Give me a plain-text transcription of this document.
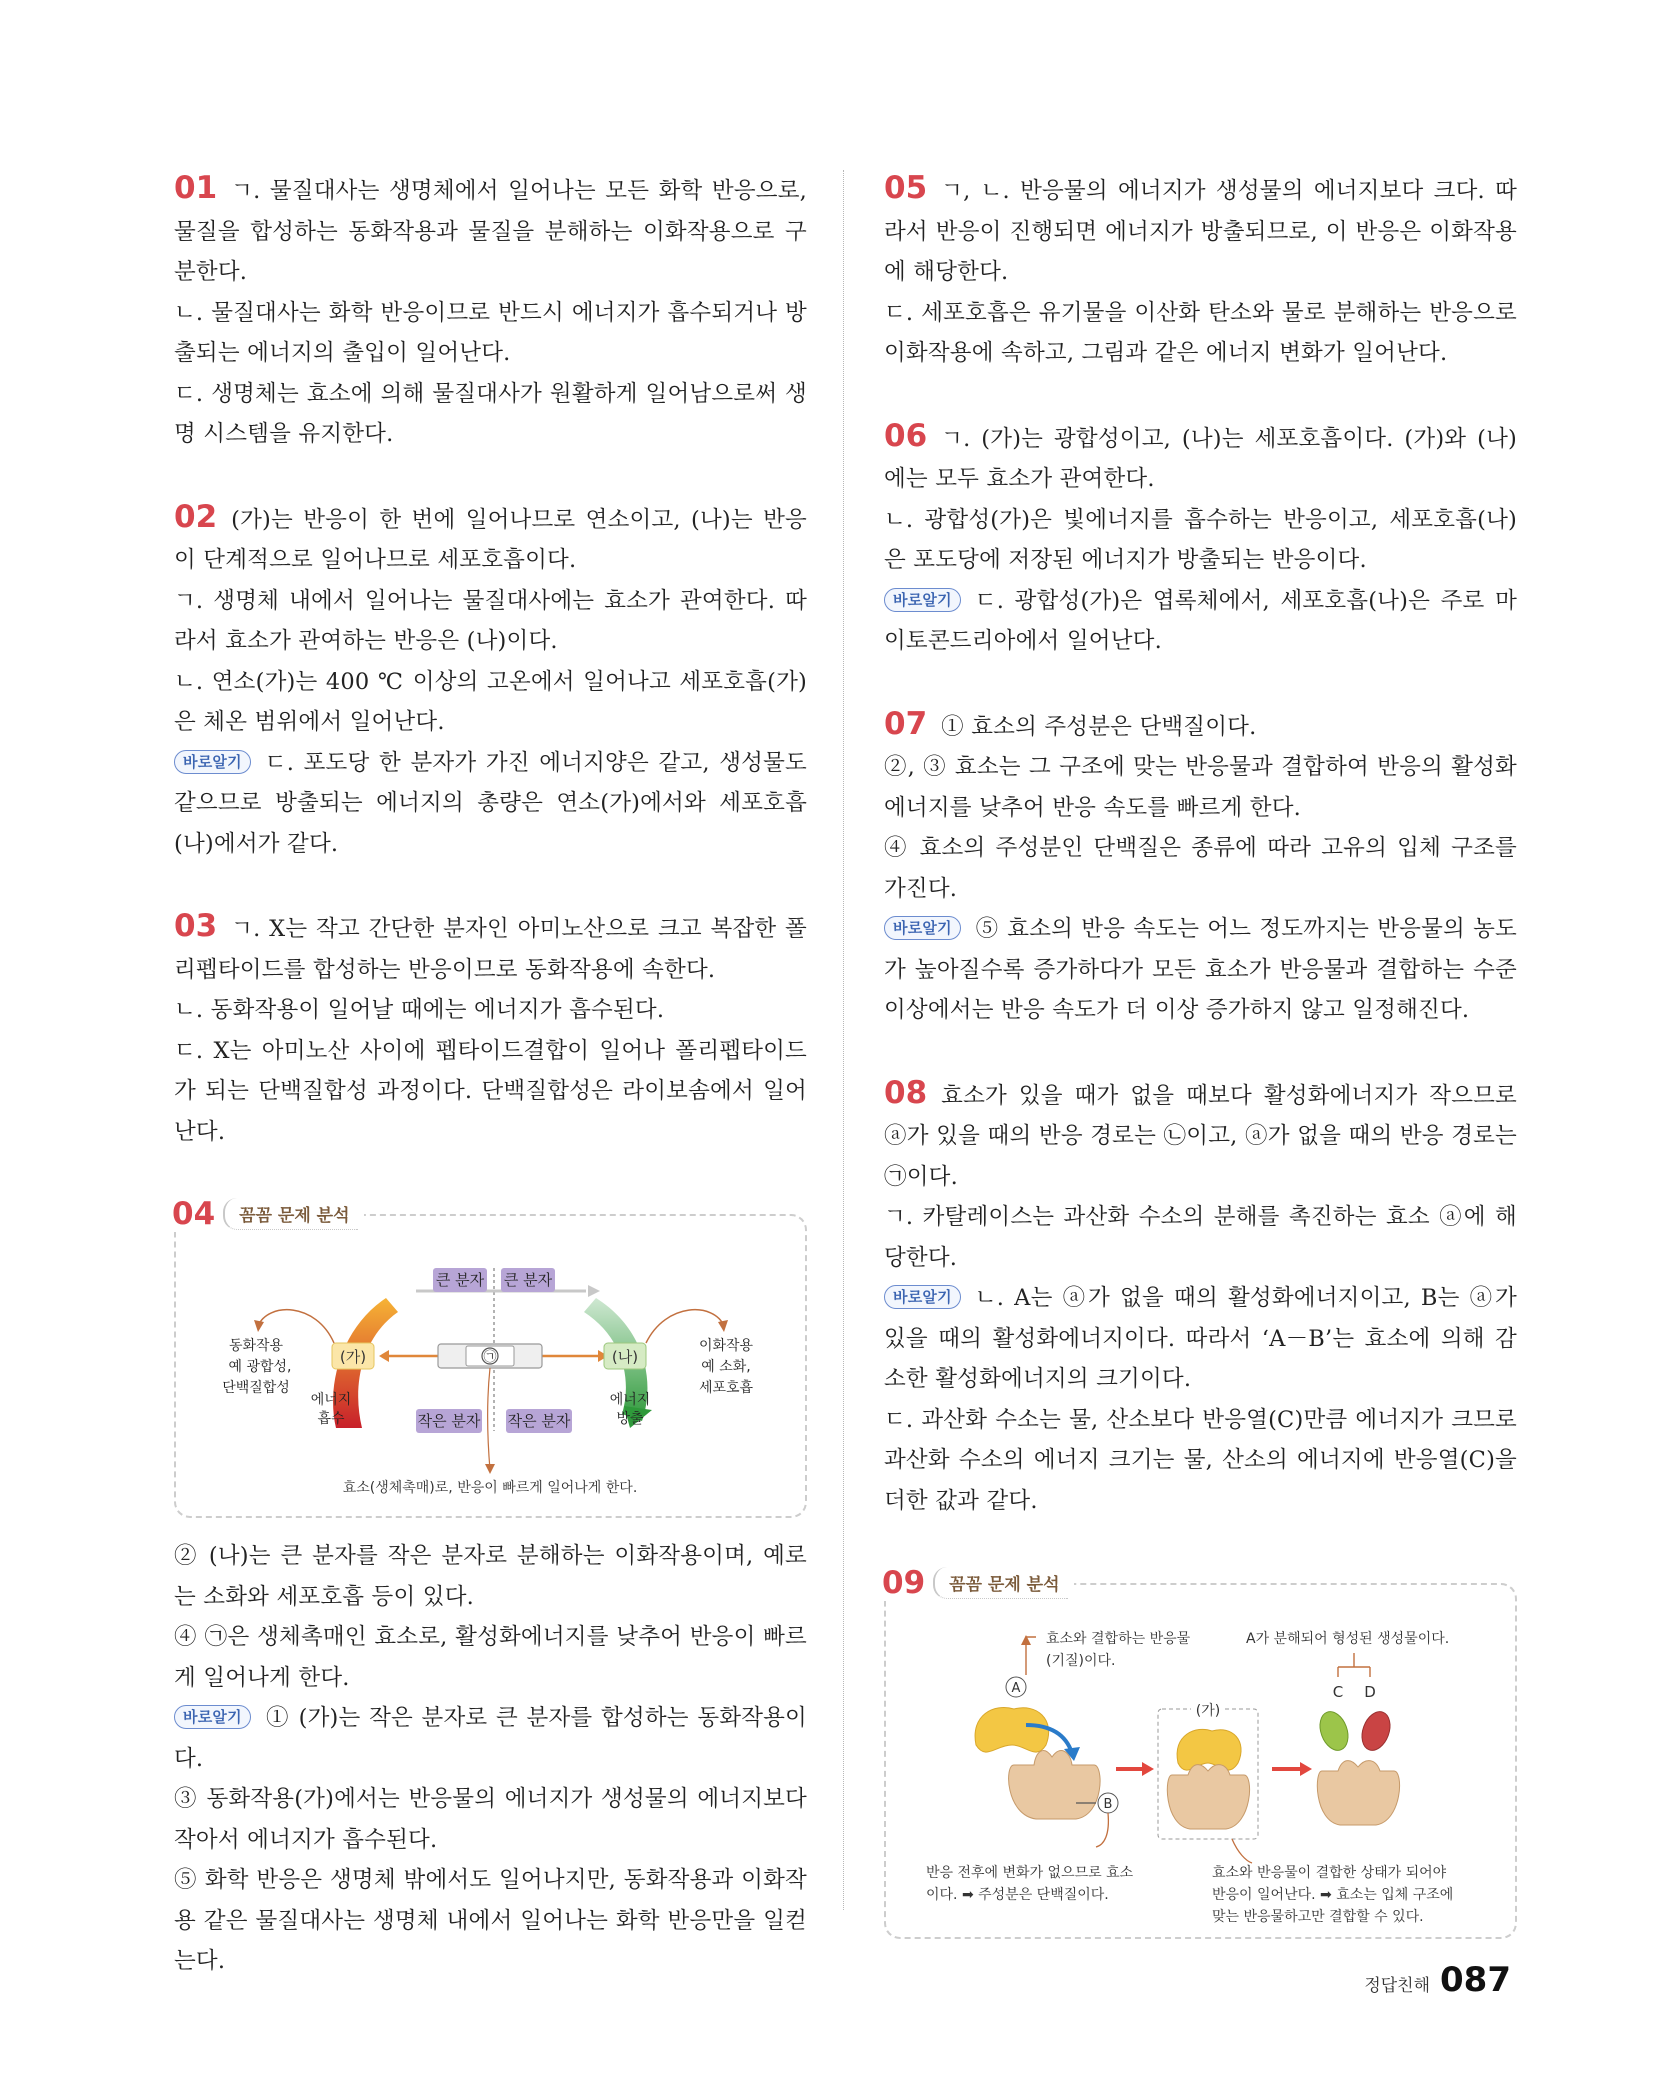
01 ㄱ. 물질대사는 생명체에서 일어나는 모든 화학 반응으로, 물질을 합성하는 동화작용과 물질을 분해하는 이화작용으로 구분한다.

ㄴ. 물질대사는 화학 반응이므로 반드시 에너지가 흡수되거나 방출되는 에너지의 출입이 일어난다.

ㄷ. 생명체는 효소에 의해 물질대사가 원활하게 일어남으로써 생명 시스템을 유지한다.

02 (가)는 반응이 한 번에 일어나므로 연소이고, (나)는 반응이 단계적으로 일어나므로 세포호흡이다.

ㄱ. 생명체 내에서 일어나는 물질대사에는 효소가 관여한다. 따라서 효소가 관여하는 반응은 (나)이다.

ㄴ. 연소(가)는 400 ℃ 이상의 고온에서 일어나고 세포호흡(가)은 체온 범위에서 일어난다.

바로알기 ㄷ. 포도당 한 분자가 가진 에너지양은 같고, 생성물도 같으므로 방출되는 에너지의 총량은 연소(가)에서와 세포호흡(나)에서가 같다.

03 ㄱ. X는 작고 간단한 분자인 아미노산으로 크고 복잡한 폴리펩타이드를 합성하는 반응이므로 동화작용에 속한다.

ㄴ. 동화작용이 일어날 때에는 에너지가 흡수된다.

ㄷ. X는 아미노산 사이에 펩타이드결합이 일어나 폴리펩타이드가 되는 단백질합성 과정이다. 단백질합성은 라이보솜에서 일어난다.

04	꼼꼼 문제 분석
큰 분자 큰 분자
작은 분자 작은 분자
㉠
(가)	(나)
동화작용
예 광합성,
단백질합성
에너지
흡수
이화작용
예 소화,
세포호흡
에너지
방출
효소(생체촉매)로, 반응이 빠르게 일어나게 한다.

② (나)는 큰 분자를 작은 분자로 분해하는 이화작용이며, 예로는 소화와 세포호흡 등이 있다.

④ ㉠은 생체촉매인 효소로, 활성화에너지를 낮추어 반응이 빠르게 일어나게 한다.

바로알기 ① (가)는 작은 분자로 큰 분자를 합성하는 동화작용이다.

③ 동화작용(가)에서는 반응물의 에너지가 생성물의 에너지보다 작아서 에너지가 흡수된다.

⑤ 화학 반응은 생명체 밖에서도 일어나지만, 동화작용과 이화작용 같은 물질대사는 생명체 내에서 일어나는 화학 반응만을 일컫는다.

05 ㄱ, ㄴ. 반응물의 에너지가 생성물의 에너지보다 크다. 따라서 반응이 진행되면 에너지가 방출되므로, 이 반응은 이화작용에 해당한다.

ㄷ. 세포호흡은 유기물을 이산화 탄소와 물로 분해하는 반응으로 이화작용에 속하고, 그림과 같은 에너지 변화가 일어난다.

06 ㄱ. (가)는 광합성이고, (나)는 세포호흡이다. (가)와 (나)에는 모두 효소가 관여한다.

ㄴ. 광합성(가)은 빛에너지를 흡수하는 반응이고, 세포호흡(나)은 포도당에 저장된 에너지가 방출되는 반응이다.

바로알기 ㄷ. 광합성(가)은 엽록체에서, 세포호흡(나)은 주로 마이토콘드리아에서 일어난다.

07 ① 효소의 주성분은 단백질이다.

②, ③ 효소는 그 구조에 맞는 반응물과 결합하여 반응의 활성화에너지를 낮추어 반응 속도를 빠르게 한다.

④ 효소의 주성분인 단백질은 종류에 따라 고유의 입체 구조를 가진다.

바로알기 ⑤ 효소의 반응 속도는 어느 정도까지는 반응물의 농도가 높아질수록 증가하다가 모든 효소가 반응물과 결합하는 수준 이상에서는 반응 속도가 더 이상 증가하지 않고 일정해진다.

08 효소가 있을 때가 없을 때보다 활성화에너지가 작으므로 ⓐ가 있을 때의 반응 경로는 ㉡이고, ⓐ가 없을 때의 반응 경로는 ㉠이다.

ㄱ. 카탈레이스는 과산화 수소의 분해를 촉진하는 효소 ⓐ에 해당한다.

바로알기 ㄴ. A는 ⓐ가 없을 때의 활성화에너지이고, B는 ⓐ가 있을 때의 활성화에너지이다. 따라서 ‘A－B’는 효소에 의해 감소한 활성화에너지의 크기이다.

ㄷ. 과산화 수소는 물, 산소보다 반응열(C)만큼 에너지가 크므로 과산화 수소의 에너지 크기는 물, 산소의 에너지에 반응열(C)을 더한 값과 같다.

09	꼼꼼 문제 분석
효소와 결합하는 반응물
(기질)이다.
A가 분해되어 형성된 생성물이다.
A
B
(가)
C D
반응 전후에 변화가 없으므로 효소
이다. ➡ 주성분은 단백질이다.
효소와 반응물이 결합한 상태가 되어야
반응이 일어난다. ➡ 효소는 입체 구조에
맞는 반응물하고만 결합할 수 있다.
정답친해 087
